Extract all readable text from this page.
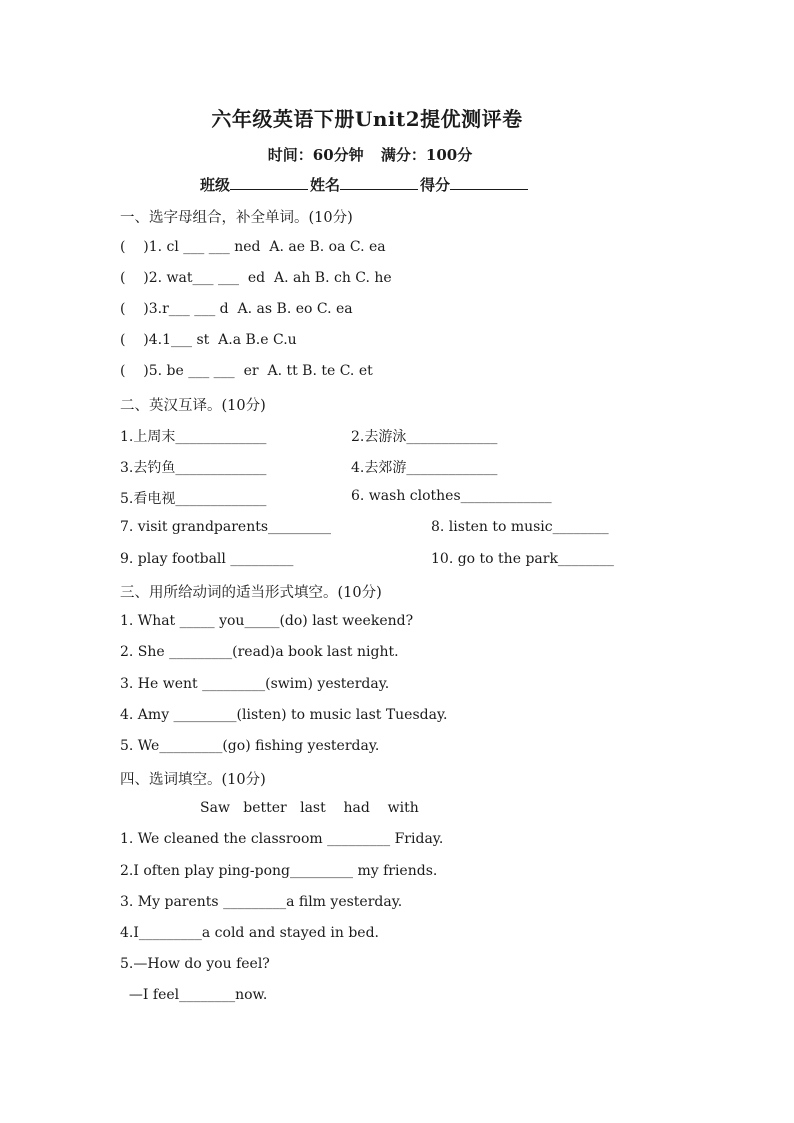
六年级英语下册Unit2提优测评卷
时间：60分钟 满分：100分
班级	姓名	得分
一、选字母组合，补全单词。(10分)
(    )1. cl ___ ___ ned  A. ae B. oa C. ea
(    )2. wat___ ___  ed  A. ah B. ch C. he
(    )3.r___ ___ d  A. as B. eo C. ea
(    )4.1___ st  A.a B.e C.u
(    )5. be ___ ___  er  A. tt B. te C. et
二、英汉互译。(10分)
1.上周末_____________	2.去游泳_____________
3.去钓鱼_____________	4.去郊游_____________
5.看电视_____________	6. wash clothes_____________
7. visit grandparents_________	8. listen to music________
9. play football _________	10. go to the park________
三、用所给动词的适当形式填空。(10分)
1. What _____ you_____(do) last weekend?
2. She _________(read)a book last night.
3. He went _________(swim) yesterday.
4. Amy _________(listen) to music last Tuesday.
5. We_________(go) fishing yesterday.
四、选词填空。(10分)
Saw   better   last    had    with
1. We cleaned the classroom _________ Friday.
2.I often play ping-pong_________ my friends.
3. My parents _________a film yesterday.
4.I_________a cold and stayed in bed.
5.—How do you feel?
—I feel________now.
